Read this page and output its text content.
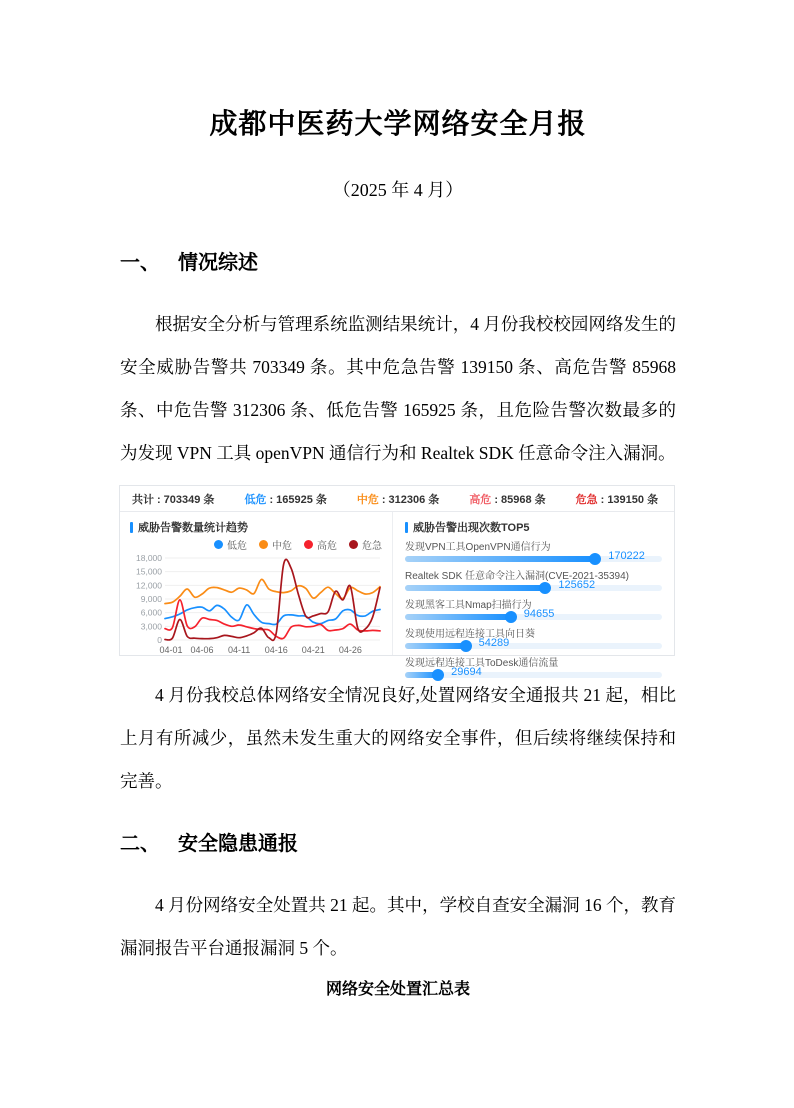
成都中医药大学网络安全月报

（2025 年 4 月）

一、 情况综述

根据安全分析与管理系统监测结果统计，4 月份我校校园网络发生的安全威胁告警共 703349 条。其中危急告警 139150 条、高危告警 85968 条、中危告警 312306 条、低危告警 165925 条，且危险告警次数最多的为发现 VPN 工具 openVPN 通信行为和 Realtek SDK 任意命令注入漏洞。

共计 : 703349 条	低危 : 165925 条	中危 : 312306 条	高危 : 85968 条	危急 : 139150 条
威胁告警数量统计趋势
低危	中危	高危	危急
0
3,000
6,000
9,000
12,000
15,000
18,000
04-01 04-06 04-11 04-16 04-21 04-26
威胁告警出现次数TOP5
发现VPN工具OpenVPN通信行为
170222
Realtek SDK 任意命令注入漏洞(CVE-2021-35394)
125652
发现黑客工具Nmap扫描行为
94655
发现使用远程连接工具向日葵
54289
发现远程连接工具ToDesk通信流量
29694

4 月份我校总体网络安全情况良好,处置网络安全通报共 21 起，相比上月有所减少，虽然未发生重大的网络安全事件，但后续将继续保持和完善。

二、 安全隐患通报

4 月份网络安全处置共 21 起。其中，学校自查安全漏洞 16 个，教育漏洞报告平台通报漏洞 5 个。

网络安全处置汇总表
